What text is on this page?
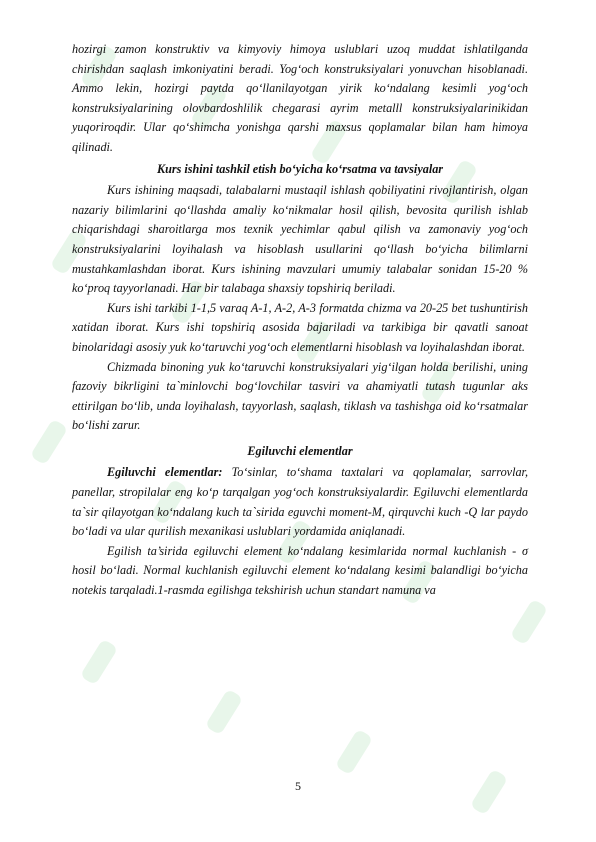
hozirgi zamon konstruktiv va kimyoviy himoya uslublari uzoq muddat ishlatilganda chirishdan saqlash imkoniyatini beradi. Yog‘och konstruksiyalari yonuvchan hisoblanadi. Ammo lekin, hozirgi paytda qo‘llanilayotgan yirik ko‘ndalang kesimli yog‘och konstruksiyalarining olovbardoshlilik chegarasi ayrim metalll konstruksiyalarinikidan yuqoriroqdir. Ular qo‘shimcha yonishga qarshi maxsus qoplamalar bilan ham himoya qilinadi.

Kurs ishini tashkil etish bo‘yicha ko‘rsatma va tavsiyalar

Kurs ishining maqsadi, talabalarni mustaqil ishlash qobiliyatini rivojlantirish, olgan nazariy bilimlarini qo‘llashda amaliy ko‘nikmalar hosil qilish, bevosita qurilish ishlab chiqarishdagi sharoitlarga mos texnik yechimlar qabul qilish va zamonaviy yog‘och konstruksiyalarini loyihalash va hisoblash usullarini qo‘llash bo‘yicha bilimlarni mustahkamlashdan iborat. Kurs ishining mavzulari umumiy talabalar sonidan 15-20 % ko‘proq tayyorlanadi. Har bir talabaga shaxsiy topshiriq beriladi.

Kurs ishi tarkibi 1-1,5 varaq A-1, A-2, A-3 formatda chizma va 20-25 bet tushuntirish xatidan iborat. Kurs ishi topshiriq asosida bajariladi va tarkibiga bir qavatli sanoat binolaridagi asosiy yuk ko‘taruvchi yog‘och elementlarni hisoblash va loyihalashdan iborat.

Chizmada binoning yuk ko‘taruvchi konstruksiyalari yig‘ilgan holda berilishi, uning fazoviy bikrligini ta`minlovchi bog‘lovchilar tasviri va ahamiyatli tutash tugunlar aks ettirilgan bo‘lib, unda loyihalash, tayyorlash, saqlash, tiklash va tashishga oid ko‘rsatmalar bo‘lishi zarur.

Egiluvchi elementlar

Egiluvchi elementlar: To‘sinlar, to‘shama taxtalari va qoplamalar, sarrovlar, panellar, stropilalar eng ko‘p tarqalgan yog‘och konstruksiyalardir. Egiluvchi elementlarda ta`sir qilayotgan ko‘ndalang kuch ta`sirida eguvchi moment-M, qirquvchi kuch -Q lar paydo bo‘ladi va ular qurilish mexanikasi uslublari yordamida aniqlanadi.

Egilish ta’sirida egiluvchi element ko‘ndalang kesimlarida normal kuchlanish - σ hosil bo‘ladi. Normal kuchlanish egiluvchi element ko‘ndalang kesimi balandligi bo‘yicha notekis tarqaladi.1-rasmda egilishga tekshirish uchun standart namuna va

5
